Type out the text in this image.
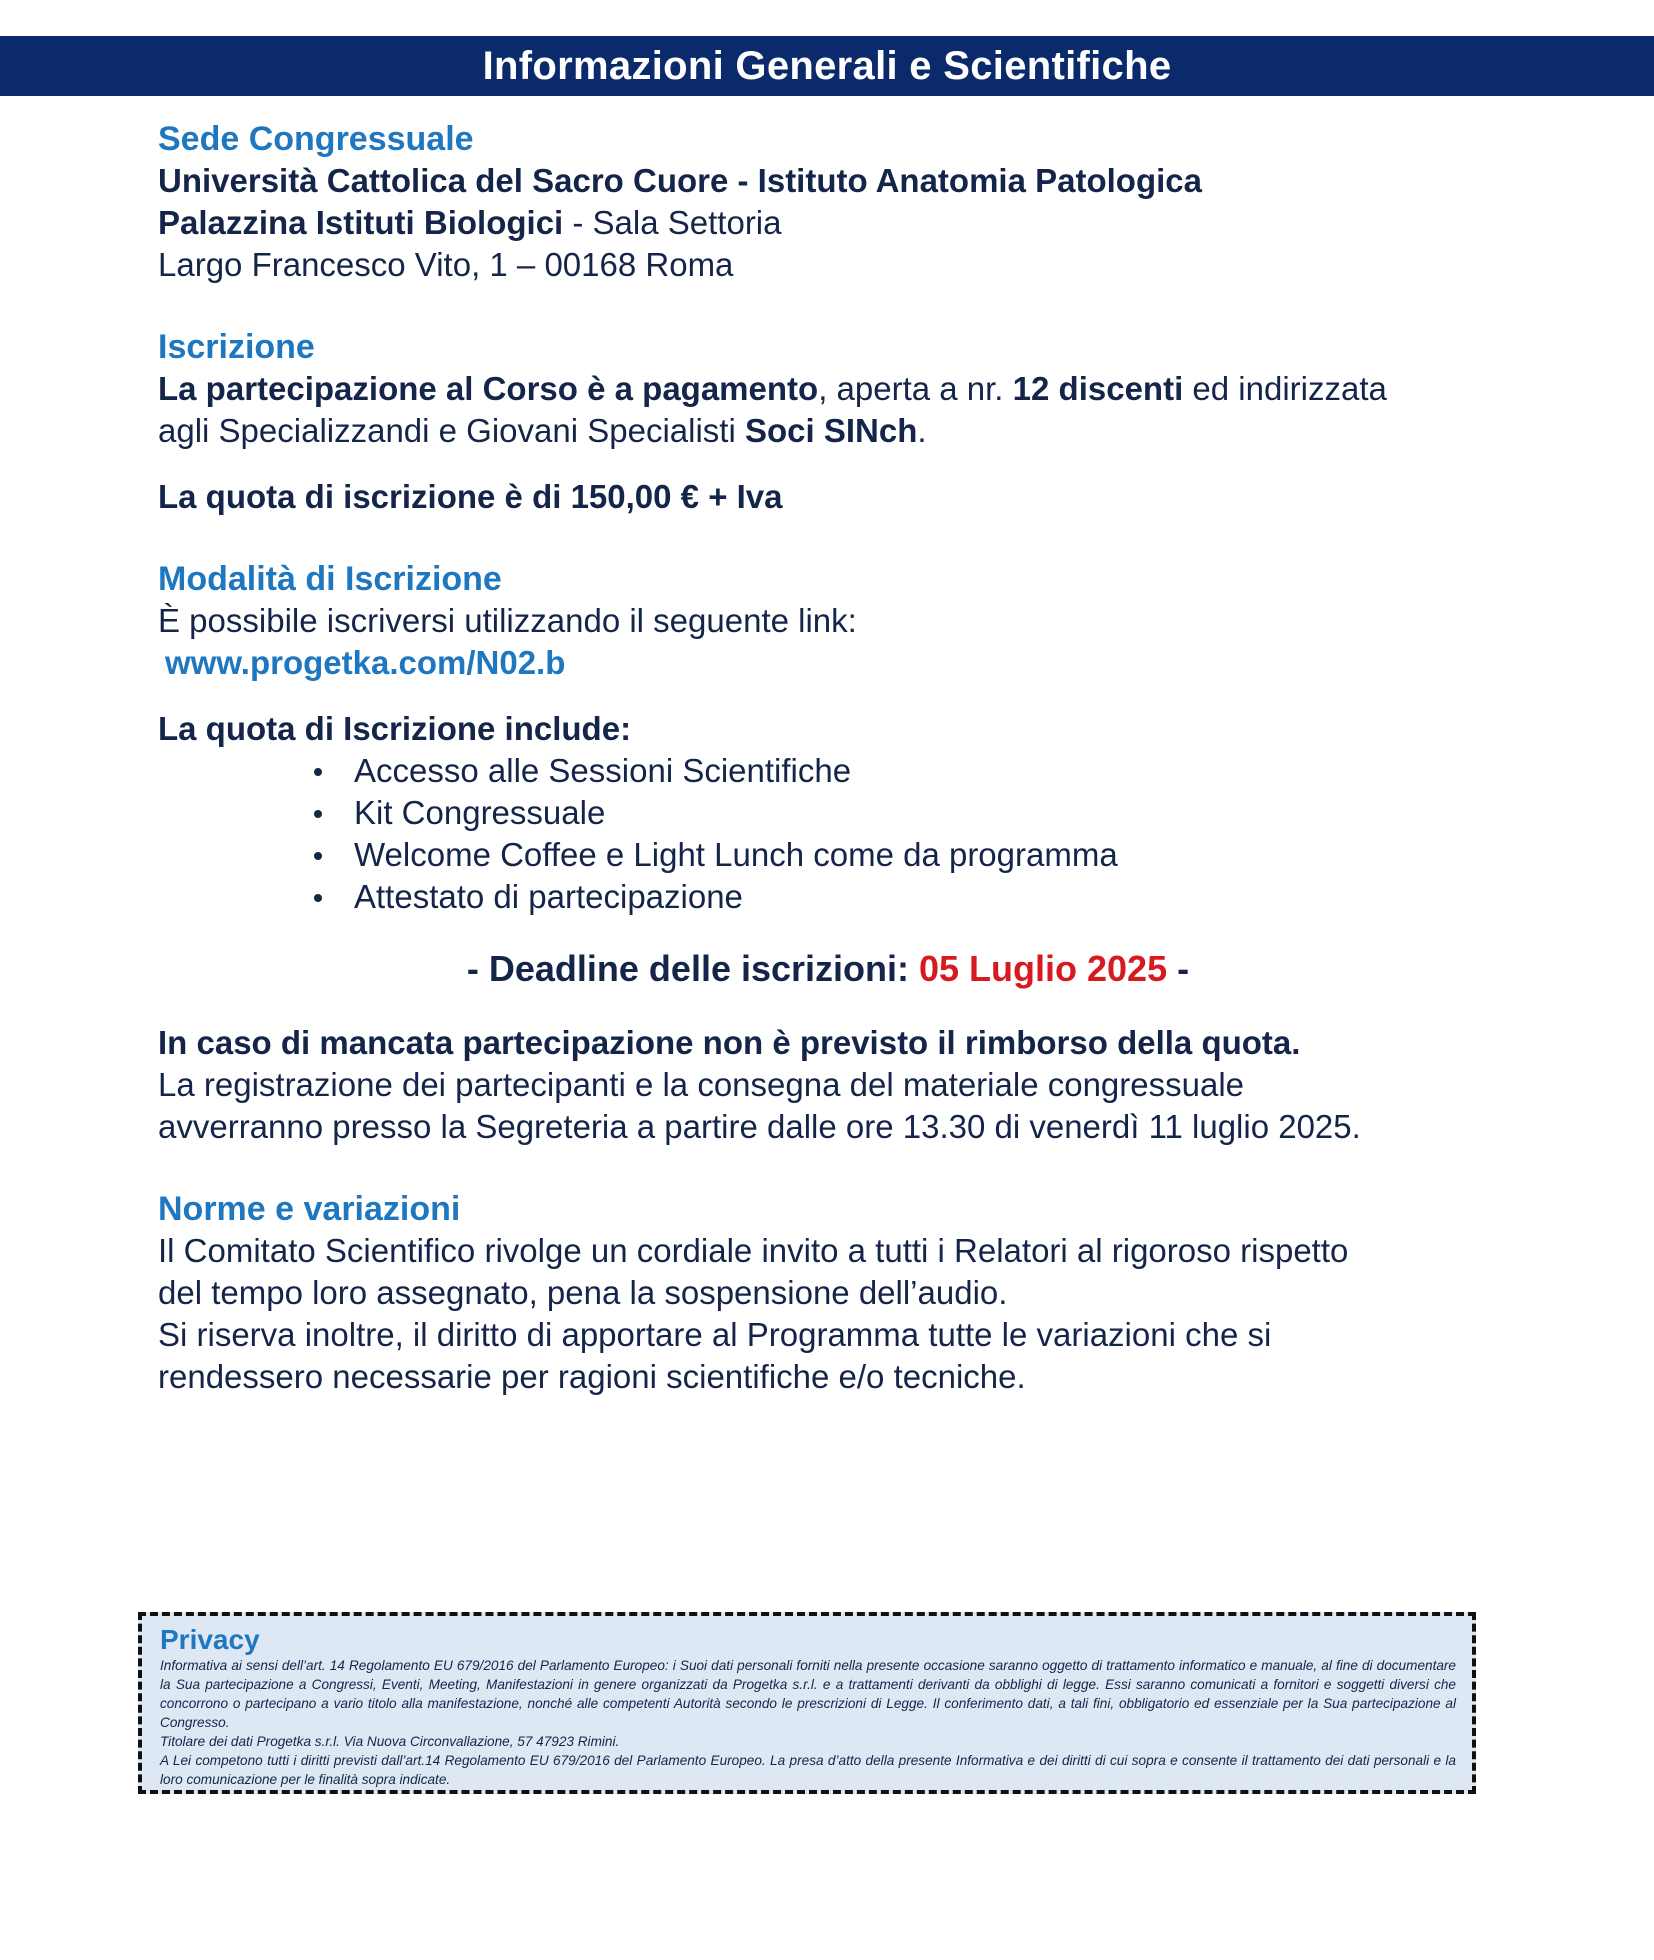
Informazioni Generali e Scientifiche
Sede Congressuale
Università Cattolica del Sacro Cuore - Istituto Anatomia Patologica
Palazzina Istituti Biologici - Sala Settoria
Largo Francesco Vito, 1 – 00168 Roma
Iscrizione
La partecipazione al Corso è a pagamento, aperta a nr. 12 discenti ed indirizzata
agli Specializzandi e Giovani Specialisti Soci SINch.
La quota di iscrizione è di 150,00 € + Iva
Modalità di Iscrizione
È possibile iscriversi utilizzando il seguente link:
www.progetka.com/N02.b
La quota di Iscrizione include:
Accesso alle Sessioni Scientifiche
Kit Congressuale
Welcome Coffee e Light Lunch come da programma
Attestato di partecipazione
- Deadline delle iscrizioni: 05 Luglio 2025 -
In caso di mancata partecipazione non è previsto il rimborso della quota.
La registrazione dei partecipanti e la consegna del materiale congressuale
avverranno presso la Segreteria a partire dalle ore 13.30 di venerdì 11 luglio 2025.
Norme e variazioni
Il Comitato Scientifico rivolge un cordiale invito a tutti i Relatori al rigoroso rispetto
del tempo loro assegnato, pena la sospensione dell’audio.
Si riserva inoltre, il diritto di apportare al Programma tutte le variazioni che si
rendessero necessarie per ragioni scientifiche e/o tecniche.
Privacy

Informativa ai sensi dell’art. 14 Regolamento EU 679/2016 del Parlamento Europeo: i Suoi dati personali forniti nella presente occasione saranno oggetto di trattamento informatico e manuale, al fine di documentare la Sua partecipazione a Congressi, Eventi, Meeting, Manifestazioni in genere organizzati da Progetka s.r.l. e a trattamenti derivanti da obblighi di legge. Essi saranno comunicati a fornitori e soggetti diversi che concorrono o partecipano a vario titolo alla manifestazione, nonché alle competenti Autorità secondo le prescrizioni di Legge. Il conferimento dati, a tali fini, obbligatorio ed essenziale per la Sua partecipazione al Congresso.

Titolare dei dati Progetka s.r.l. Via Nuova Circonvallazione, 57 47923 Rimini.

A Lei competono tutti i diritti previsti dall’art.14 Regolamento EU 679/2016 del Parlamento Europeo. La presa d’atto della presente Informativa e dei diritti di cui sopra e consente il trattamento dei dati personali e la loro comunicazione per le finalità sopra indicate.
